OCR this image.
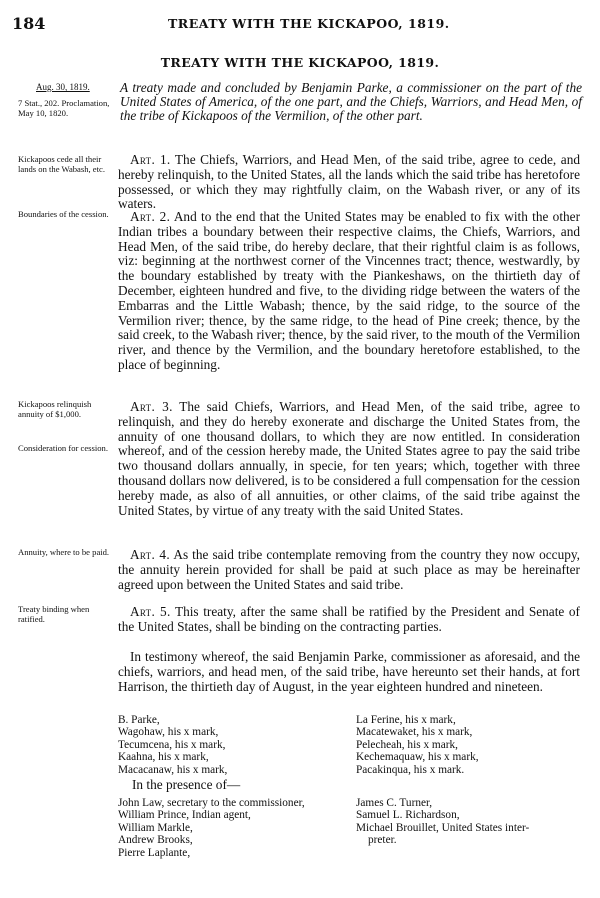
184	TREATY WITH THE KICKAPOO, 1819.
TREATY WITH THE KICKAPOO, 1819.
Aug. 30, 1819.
7 Stat., 202. Proclamation, May 10, 1820.
Kickapoos cede all their lands on the Wabash, etc.
Boundaries of the cession.
Kickapoos relinquish annuity of $1,000.
Consideration for cession.
Annuity, where to be paid.
Treaty binding when ratified.
A treaty made and concluded by Benjamin Parke, a commissioner on the part of the United States of America, of the one part, and the Chiefs, Warriors, and Head Men, of the tribe of Kickapoos of the Vermilion, of the other part.
Art. 1. The Chiefs, Warriors, and Head Men, of the said tribe, agree to cede, and hereby relinquish, to the United States, all the lands which the said tribe has heretofore possessed, or which they may rightfully claim, on the Wabash river, or any of its waters.
Art. 2. And to the end that the United States may be enabled to fix with the other Indian tribes a boundary between their respective claims, the Chiefs, Warriors, and Head Men, of the said tribe, do hereby declare, that their rightful claim is as follows, viz: beginning at the northwest corner of the Vincennes tract; thence, westwardly, by the boundary established by treaty with the Piankeshaws, on the thirtieth day of December, eighteen hundred and five, to the dividing ridge between the waters of the Embarras and the Little Wabash; thence, by the said ridge, to the source of the Vermilion river; thence, by the same ridge, to the head of Pine creek; thence, by the said creek, to the Wabash river; thence, by the said river, to the mouth of the Vermilion river, and thence by the Vermilion, and the boundary heretofore established, to the place of beginning.
Art. 3. The said Chiefs, Warriors, and Head Men, of the said tribe, agree to relinquish, and they do hereby exonerate and discharge the United States from, the annuity of one thousand dollars, to which they are now entitled. In consideration whereof, and of the cession hereby made, the United States agree to pay the said tribe two thousand dollars annually, in specie, for ten years; which, together with three thousand dollars now delivered, is to be considered a full compensation for the cession hereby made, as also of all annuities, or other claims, of the said tribe against the United States, by virtue of any treaty with the said United States.
Art. 4. As the said tribe contemplate removing from the country they now occupy, the annuity herein provided for shall be paid at such place as may be hereinafter agreed upon between the United States and said tribe.
Art. 5. This treaty, after the same shall be ratified by the President and Senate of the United States, shall be binding on the contracting parties.
In testimony whereof, the said Benjamin Parke, commissioner as aforesaid, and the chiefs, warriors, and head men, of the said tribe, have hereunto set their hands, at fort Harrison, the thirtieth day of August, in the year eighteen hundred and nineteen.
B. Parke,
Wagohaw, his x mark,
Tecumcena, his x mark,
Kaahna, his x mark,
Macacanaw, his x mark,
La Ferine, his x mark,
Macatewaket, his x mark,
Pelecheah, his x mark,
Kechemaquaw, his x mark,
Pacakinqua, his x mark.
In the presence of—
John Law, secretary to the commissioner,
William Prince, Indian agent,
William Markle,
Andrew Brooks,
Pierre Laplante,
James C. Turner,
Samuel L. Richardson,
Michael Brouillet, United States inter-
preter.
